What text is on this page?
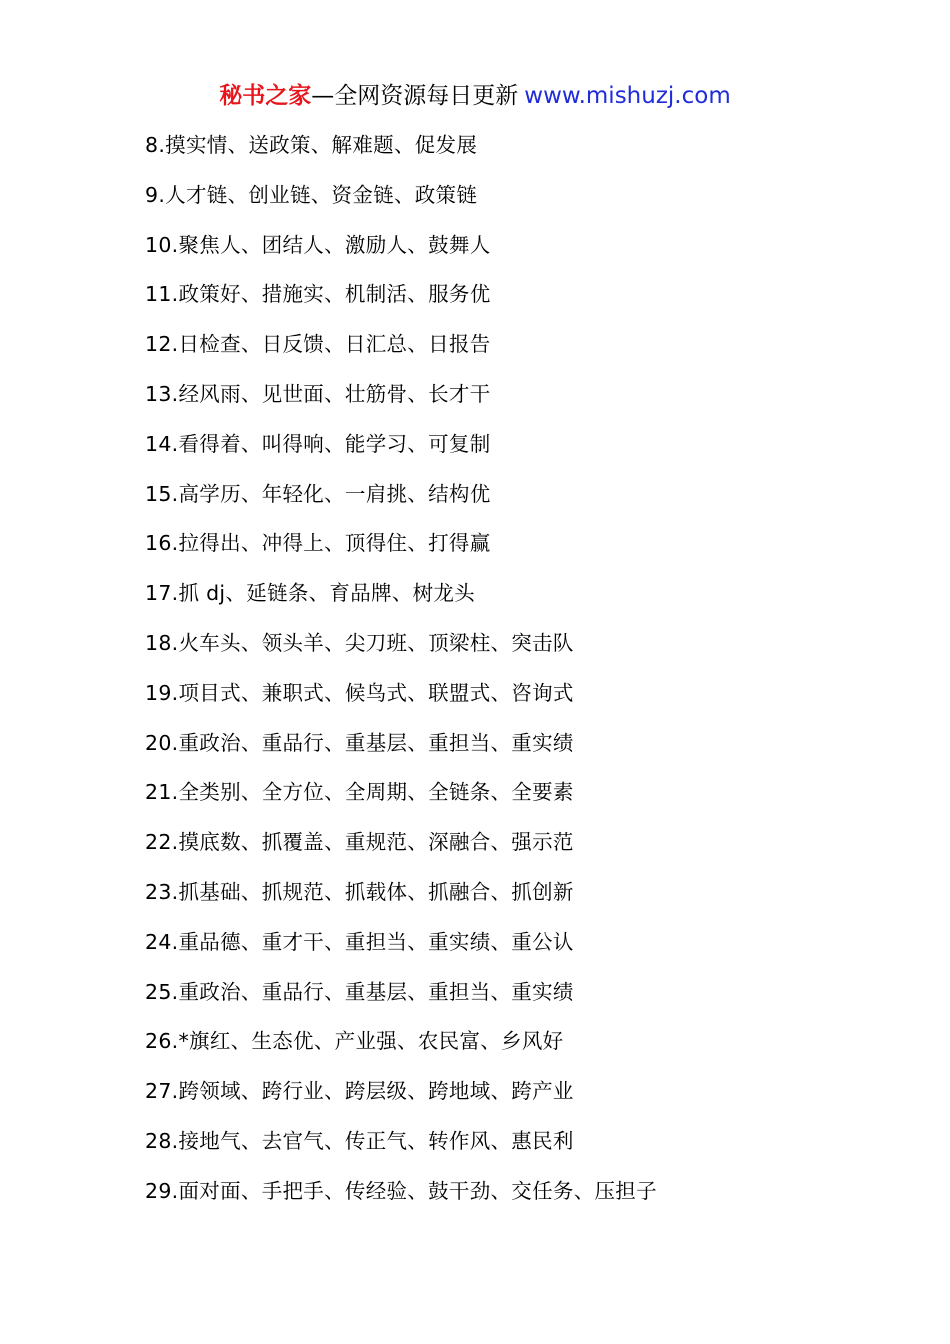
秘书之家—全网资源每日更新 www.mishuzj.com
8.摸实情、送政策、解难题、促发展
9.人才链、创业链、资金链、政策链
10.聚焦人、团结人、激励人、鼓舞人
11.政策好、措施实、机制活、服务优
12.日检查、日反馈、日汇总、日报告
13.经风雨、见世面、壮筋骨、长才干
14.看得着、叫得响、能学习、可复制
15.高学历、年轻化、一肩挑、结构优
16.拉得出、冲得上、顶得住、打得赢
17.抓 dj、延链条、育品牌、树龙头
18.火车头、领头羊、尖刀班、顶梁柱、突击队
19.项目式、兼职式、候鸟式、联盟式、咨询式
20.重政治、重品行、重基层、重担当、重实绩
21.全类别、全方位、全周期、全链条、全要素
22.摸底数、抓覆盖、重规范、深融合、强示范
23.抓基础、抓规范、抓载体、抓融合、抓创新
24.重品德、重才干、重担当、重实绩、重公认
25.重政治、重品行、重基层、重担当、重实绩
26.*旗红、生态优、产业强、农民富、乡风好
27.跨领域、跨行业、跨层级、跨地域、跨产业
28.接地气、去官气、传正气、转作风、惠民利
29.面对面、手把手、传经验、鼓干劲、交任务、压担子
